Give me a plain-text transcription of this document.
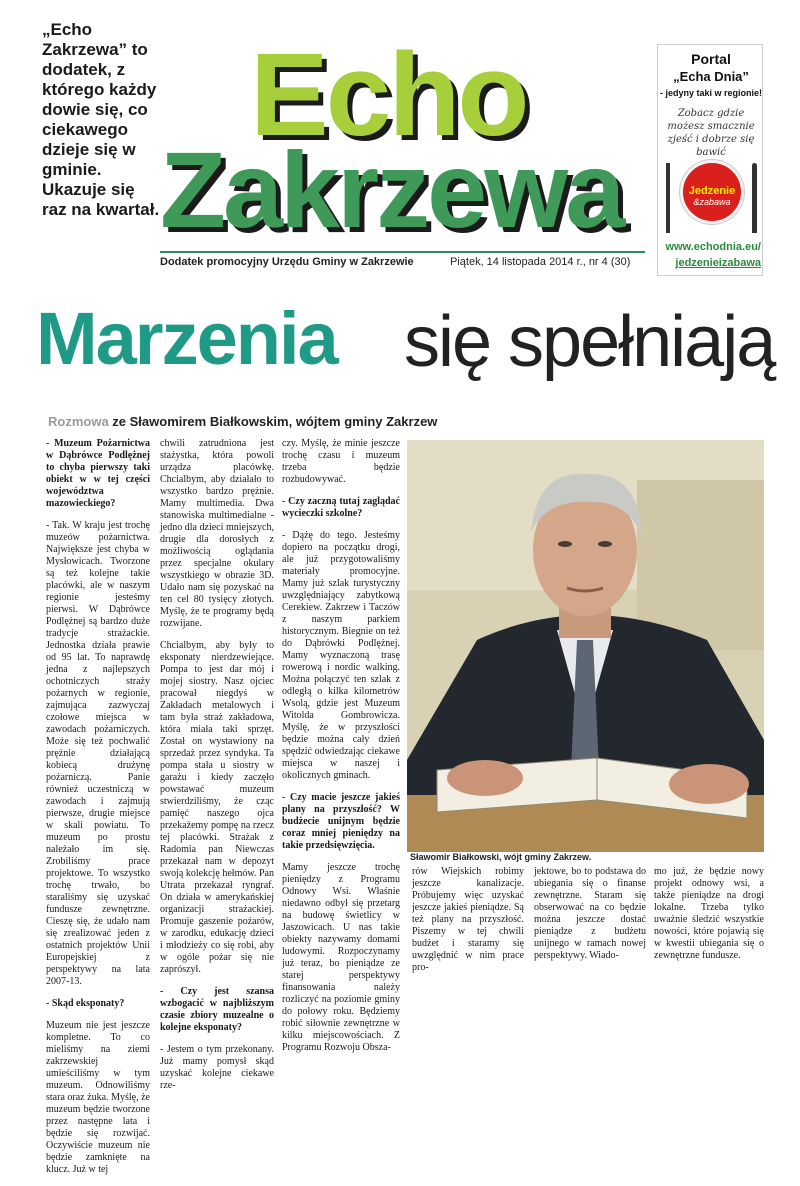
„Echo Zakrzewa” to dodatek, z którego każdy dowie się, co ciekawego dzieje się w gminie. Ukazuje się raz na kwartał.
Echo
Zakrzewa
Dodatek promocyjny Urzędu Gminy w Zakrzewie	Piątek, 14 listopada 2014 r., nr 4 (30)
Portal
„Echa Dnia”
- jedyny taki w regionie!
Zobacz gdzie możesz smacznie zjeść i dobrze się bawić
Jedzenie
&zabawa
www.echodnia.eu/
jedzenieizabawa
Marzenia się spełniają
Rozmowa ze Sławomirem Białkowskim, wójtem gminy Zakrzew
Sławomir Białkowski, wójt gminy Zakrzew.

- Muzeum Pożarnictwa w Dąbrówce Podlężnej to chyba pierwszy taki obiekt w w tej części województwa mazowieckiego?

- Tak. W kraju jest trochę muzeów pożarnictwa. Największe jest chyba w Mysłowicach. Tworzone są też kolejne takie placówki, ale w naszym regionie jesteśmy pierwsi. W Dąbrówce Podlężnej są bardzo duże tradycje strażackie. Jednostka działa prawie od 95 lat. To naprawdę jedna z najlepszych ochotniczych straży pożarnych w regionie, zajmująca zazwyczaj czołowe miejsca w zawodach pożarniczych. Może się też pochwalić prężnie działającą kobiecą drużynę pożarniczą. Panie również uczestniczą w zawodach i zajmują pierwsze, drugie miejsce w skali powiatu. To muzeum po prostu należało im się. Zrobiliśmy prace projektowe. To wszystko trochę trwało, bo staraliśmy się uzyskać fundusze zewnętrzne. Cieszę się, że udało nam się zrealizować jeden z ostatnich projektów Unii Europejskiej z perspektywy na lata 2007-13.

- Skąd eksponaty?

Muzeum nie jest jeszcze kompletne. To co mieliśmy na ziemi zakrzewskiej umieściliśmy w tym muzeum. Odnowiliśmy stara oraz żuka. Myślę, że muzeum będzie tworzone przez następne lata i będzie się rozwijać. Oczywiście muzeum nie będzie zamknięte na klucz. Już w tej

chwili zatrudniona jest stażystka, która powoli urządza placówkę. Chcialbym, aby działało to wszystko bardzo prężnie. Mamy multimedia. Dwa stanowiska multimedialne - jedno dla dzieci mniejszych, drugie dla dorosłych z możliwością oglądania przez specjalne okulary wszystkiego w obrazie 3D. Udało nam się pozyskać na ten cel 80 tysięcy złotych. Myślę, że te programy będą rozwijane.

Chcialbym, aby były to eksponaty nierdzewiejące. Pompa to jest dar mój i mojej siostry. Nasz ojciec pracował niegdyś w Zakładach metalowych i tam była straż zakładowa, która miała taki sprzęt. Został on wystawiony na sprzedaż przez syndyka. Ta pompa stała u siostry w garażu i kiedy zaczęło powstawać muzeum stwierdziliśmy, że cząc pamięć naszego ojca przekażemy pompę na rzecz tej placówki. Strażak z Radomia pan Niewczas przekazał nam w depozyt swoją kolekcję hełmów. Pan Utrata przekazał ryngraf. On działa w amerykańskiej organizacji strażackiej. Promuje gaszenie pożarów, w zarodku, edukację dzieci i młodzieży co się robi, aby w ogóle pożar się nie zaprószył.

- Czy jest szansa wzbogacić w najbliższym czasie zbiory muzealne o kolejne eksponaty?

- Jestem o tym przekonany. Już mamy pomysł skąd uzyskać kolejne ciekawe rze-

czy. Myślę, że minie jeszcze trochę czasu i muzeum trzeba będzie rozbudowywać.

- Czy zaczną tutaj zaglądać wycieczki szkolne?

- Dążę do tego. Jesteśmy dopiero na początku drogi, ale już przygotowaliśmy materiały promocyjne. Mamy już szlak turystyczny uwzględniający zabytkową Cerekiew. Zakrzew i Taczów z naszym parkiem historycznym. Biegnie on też do Dąbrówki Podlężnej. Mamy wyznaczoną trasę rowerową i nordic walking. Można połączyć ten szlak z odległą o kilka kilometrów Wsolą, gdzie jest Muzeum Witolda Gombrowicza. Myślę, że w przyszłości będzie można cały dzień spędzić odwiedzając ciekawe miejsca w naszej i okolicznych gminach.

- Czy macie jeszcze jakieś plany na przyszłość? W budżecie unijnym będzie coraz mniej pieniędzy na takie przedsięwzięcia.

Mamy jeszcze trochę pieniędzy z Programu Odnowy Wsi. Właśnie niedawno odbył się przetarg na budowę świetlicy w Jaszowicach. U nas takie obiekty nazywamy domami ludowymi. Rozpoczynamy już teraz, bo pieniądze ze starej perspektywy finansowania należy rozliczyć na poziomie gminy do połowy roku. Będziemy robić siłownie zewnętrzne w kilku miejscowościach. Z Programu Rozwoju Obsza-

rów Wiejskich robimy jeszcze kanalizacje. Próbujemy więc uzyskać jeszcze jakieś pieniądze. Są też plany na przyszłość. Piszemy w tej chwili budżet i staramy się uwzględnić w nim prace pro-

jektowe, bo to podstawa do ubiegania się o finanse zewnętrzne. Staram się obserwować na co będzie można jeszcze dostać pieniądze z budżetu unijnego w ramach nowej perspektywy. Wiado-

mo już, że będzie nowy projekt odnowy wsi, a także pieniądze na drogi lokalne. Trzeba tylko uważnie śledzić wszystkie nowości, które pojawią się w kwestii ubiegania się o zewnętrzne fundusze.
